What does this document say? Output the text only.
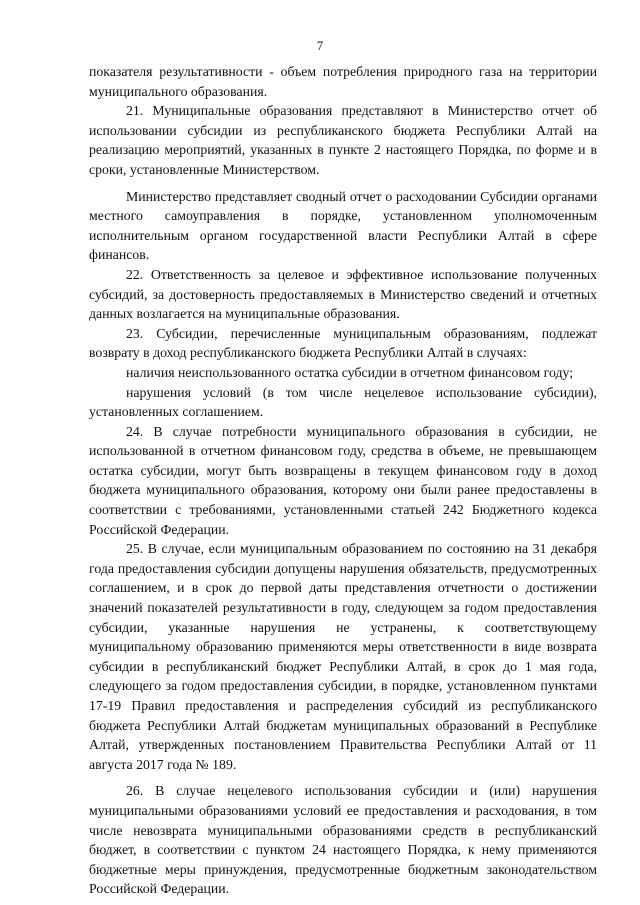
7

показателя результативности - объем потребления природного газа на территории муниципального образования.

21. Муниципальные образования представляют в Министерство отчет об использовании субсидии из республиканского бюджета Республики Алтай на реализацию мероприятий, указанных в пункте 2 настоящего Порядка, по форме и в сроки, установленные Министерством.

Министерство представляет сводный отчет о расходовании Субсидии органами местного самоуправления в порядке, установленном уполномоченным исполнительным органом государственной власти Республики Алтай в сфере финансов.

22. Ответственность за целевое и эффективное использование полученных субсидий, за достоверность предоставляемых в Министерство сведений и отчетных данных возлагается на муниципальные образования.

23. Субсидии, перечисленные муниципальным образованиям, подлежат возврату в доход республиканского бюджета Республики Алтай в случаях:

наличия неиспользованного остатка субсидии в отчетном финансовом году;

нарушения условий (в том числе нецелевое использование субсидии), установленных соглашением.

24. В случае потребности муниципального образования в субсидии, не использованной в отчетном финансовом году, средства в объеме, не превышающем остатка субсидии, могут быть возвращены в текущем финансовом году в доход бюджета муниципального образования, которому они были ранее предоставлены в соответствии с требованиями, установленными статьей 242 Бюджетного кодекса Российской Федерации.

25. В случае, если муниципальным образованием по состоянию на 31 декабря года предоставления субсидии допущены нарушения обязательств, предусмотренных соглашением, и в срок до первой даты представления отчетности о достижении значений показателей результативности в году, следующем за годом предоставления субсидии, указанные нарушения не устранены, к соответствующему муниципальному образованию применяются меры ответственности в виде возврата субсидии в республиканский бюджет Республики Алтай, в срок до 1 мая года, следующего за годом предоставления субсидии, в порядке, установленном пунктами 17-19 Правил предоставления и распределения субсидий из республиканского бюджета Республики Алтай бюджетам муниципальных образований в Республике Алтай, утвержденных постановлением Правительства Республики Алтай от 11 августа 2017 года № 189.

26. В случае нецелевого использования субсидии и (или) нарушения муниципальными образованиями условий ее предоставления и расходования, в том числе невозврата муниципальными образованиями средств в республиканский бюджет, в соответствии с пунктом 24 настоящего Порядка, к нему применяются бюджетные меры принуждения, предусмотренные бюджетным законодательством Российской Федерации.
